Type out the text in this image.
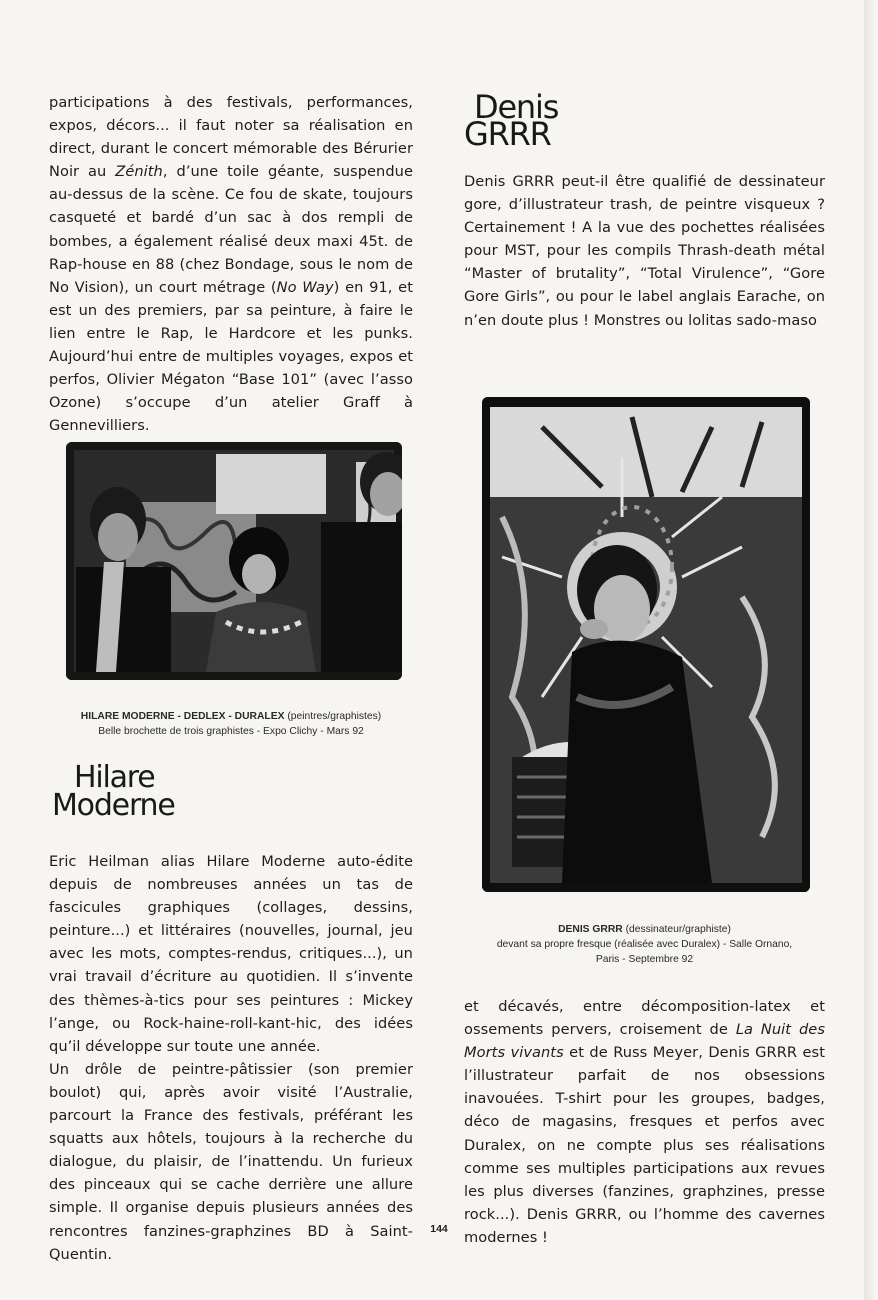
participations à des festivals, performances, expos, décors... il faut noter sa réalisation en direct, durant le concert mémorable des Bérurier Noir au Zénith, d’une toile géante, suspendue au-dessus de la scène. Ce fou de skate, toujours casqueté et bardé d’un sac à dos rempli de bombes, a également réalisé deux maxi 45t. de Rap-house en 88 (chez Bondage, sous le nom de No Vision), un court métrage (No Way) en 91, et est un des premiers, par sa peinture, à faire le lien entre le Rap, le Hardcore et les punks. Aujourd’hui entre de multiples voyages, expos et perfos, Olivier Mégaton “Base 101” (avec l’asso Ozone) s’occupe d’un atelier Graff à Gennevilliers.

HILARE MODERNE - DEDLEX - DURALEX (peintres/graphistes)
Belle brochette de trois graphistes - Expo Clichy - Mars 92
Hilare
Moderne

Eric Heilman alias Hilare Moderne auto-édite depuis de nombreuses années un tas de fascicules graphiques (collages, dessins, peinture...) et littéraires (nouvelles, journal, jeu avec les mots, comptes-rendus, critiques...), un vrai travail d’écriture au quotidien. Il s’invente des thèmes-à-tics pour ses peintures : Mickey l’ange, ou Rock-haine-roll-kant-hic, des idées qu’il développe sur toute une année.

Un drôle de peintre-pâtissier (son premier boulot) qui, après avoir visité l’Australie, parcourt la France des festivals, préférant les squatts aux hôtels, toujours à la recherche du dialogue, du plaisir, de l’inattendu. Un furieux des pinceaux qui se cache derrière une allure simple. Il organise depuis plusieurs années des rencontres fanzines-graphzines BD à Saint-Quentin.

Denis
GRRR

Denis GRRR peut-il être qualifié de dessinateur gore, d’illustrateur trash, de peintre visqueux ? Certainement ! A la vue des pochettes réalisées pour MST, pour les compils Thrash-death métal “Master of brutality”, “Total Virulence”, “Gore Gore Girls”, ou pour le label anglais Earache, on n’en doute plus ! Monstres ou lolitas sado-maso

DENIS GRRR (dessinateur/graphiste)
devant sa propre fresque (réalisée avec Duralex) - Salle Ornano,
Paris - Septembre 92

et décavés, entre décomposition-latex et ossements pervers, croisement de La Nuit des Morts vivants et de Russ Meyer, Denis GRRR est l’illustrateur parfait de nos obsessions inavouées. T-shirt pour les groupes, badges, déco de magasins, fresques et perfos avec Duralex, on ne compte plus ses réalisations comme ses multiples participations aux revues les plus diverses (fanzines, graphzines, presse rock...). Denis GRRR, ou l’homme des cavernes modernes !

144
